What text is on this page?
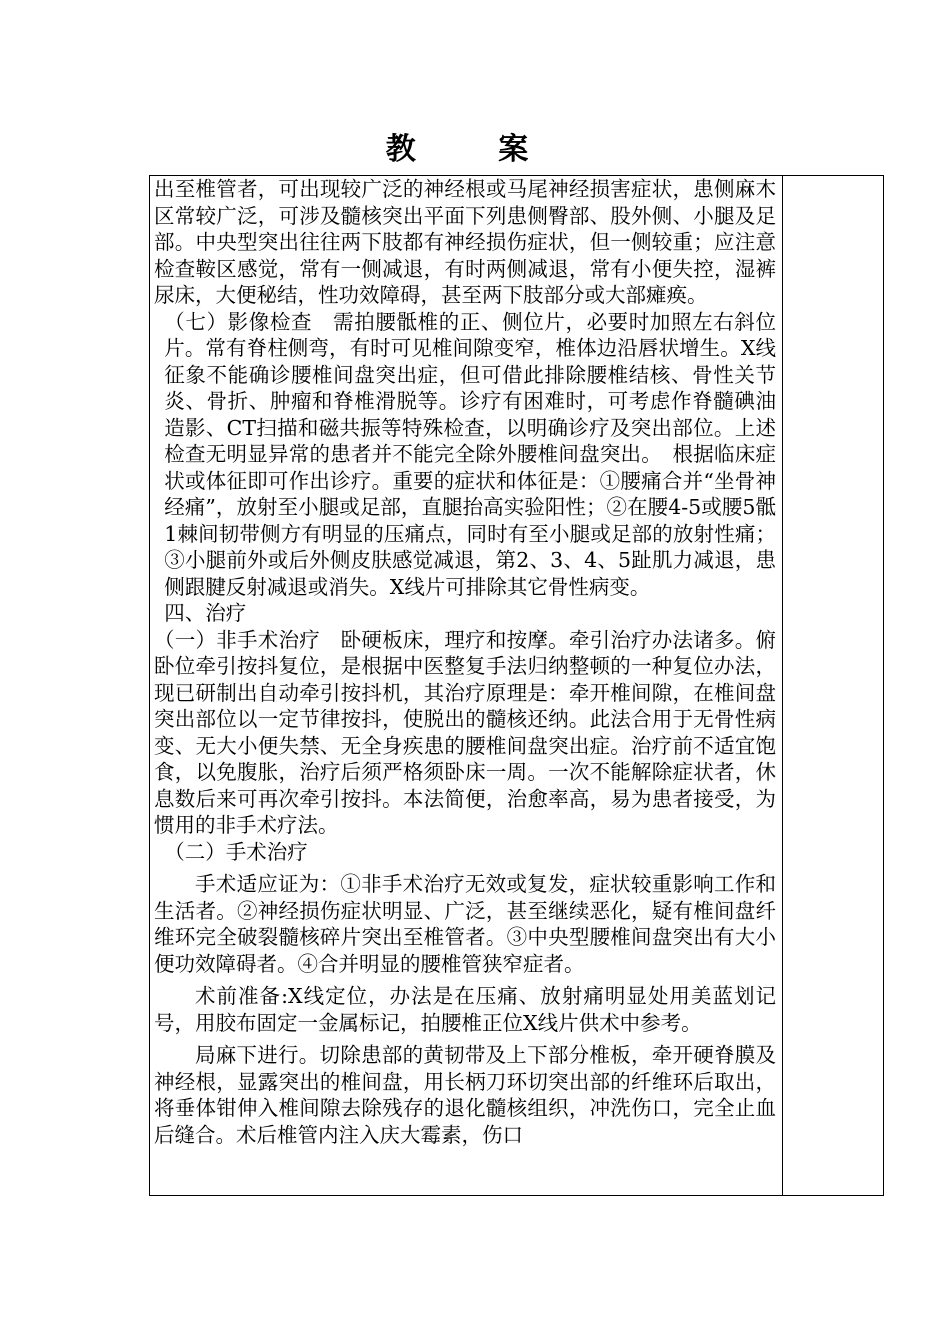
教 案

出至椎管者，可出现较广泛的神经根或马尾神经损害症状，患侧麻木区常较广泛，可涉及髓核突出平面下列患侧臀部、股外侧、小腿及足部。中央型突出往往两下肢都有神经损伤症状，但一侧较重；应注意检查鞍区感觉，常有一侧减退，有时两侧减退，常有小便失控，湿裤尿床，大便秘结，性功效障碍，甚至两下肢部分或大部瘫痪。

（七）影像检查　需拍腰骶椎的正、侧位片，必要时加照左右斜位片。常有脊柱侧弯，有时可见椎间隙变窄，椎体边沿唇状增生。X线征象不能确诊腰椎间盘突出症，但可借此排除腰椎结核、骨性关节炎、骨折、肿瘤和脊椎滑脱等。诊疗有困难时，可考虑作脊髓碘油造影、CT扫描和磁共振等特殊检查，以明确诊疗及突出部位。上述检查无明显异常的患者并不能完全除外腰椎间盘突出。　根据临床症状或体征即可作出诊疗。重要的症状和体征是：①腰痛合并“坐骨神经痛”，放射至小腿或足部，直腿抬高实验阳性；②在腰4-5或腰5骶1棘间韧带侧方有明显的压痛点，同时有至小腿或足部的放射性痛；③小腿前外或后外侧皮肤感觉减退，第2、3、4、5趾肌力减退，患侧跟腱反射减退或消失。X线片可排除其它骨性病变。

四、治疗

（一）非手术治疗　卧硬板床，理疗和按摩。牵引治疗办法诸多。俯卧位牵引按抖复位，是根据中医整复手法归纳整顿的一种复位办法，现已研制出自动牵引按抖机，其治疗原理是：牵开椎间隙，在椎间盘突出部位以一定节律按抖，使脱出的髓核还纳。此法合用于无骨性病变、无大小便失禁、无全身疾患的腰椎间盘突出症。治疗前不适宜饱食，以免腹胀，治疗后须严格须卧床一周。一次不能解除症状者，休息数后来可再次牵引按抖。本法简便，治愈率高，易为患者接受，为惯用的非手术疗法。

（二）手术治疗

手术适应证为：①非手术治疗无效或复发，症状较重影响工作和生活者。②神经损伤症状明显、广泛，甚至继续恶化，疑有椎间盘纤维环完全破裂髓核碎片突出至椎管者。③中央型腰椎间盘突出有大小便功效障碍者。④合并明显的腰椎管狭窄症者。

术前准备:X线定位，办法是在压痛、放射痛明显处用美蓝划记号，用胶布固定一金属标记，拍腰椎正位X线片供术中参考。

局麻下进行。切除患部的黄韧带及上下部分椎板，牵开硬脊膜及神经根，显露突出的椎间盘，用长柄刀环切突出部的纤维环后取出，将垂体钳伸入椎间隙去除残存的退化髓核组织，冲洗伤口，完全止血后缝合。术后椎管内注入庆大霉素，伤口
